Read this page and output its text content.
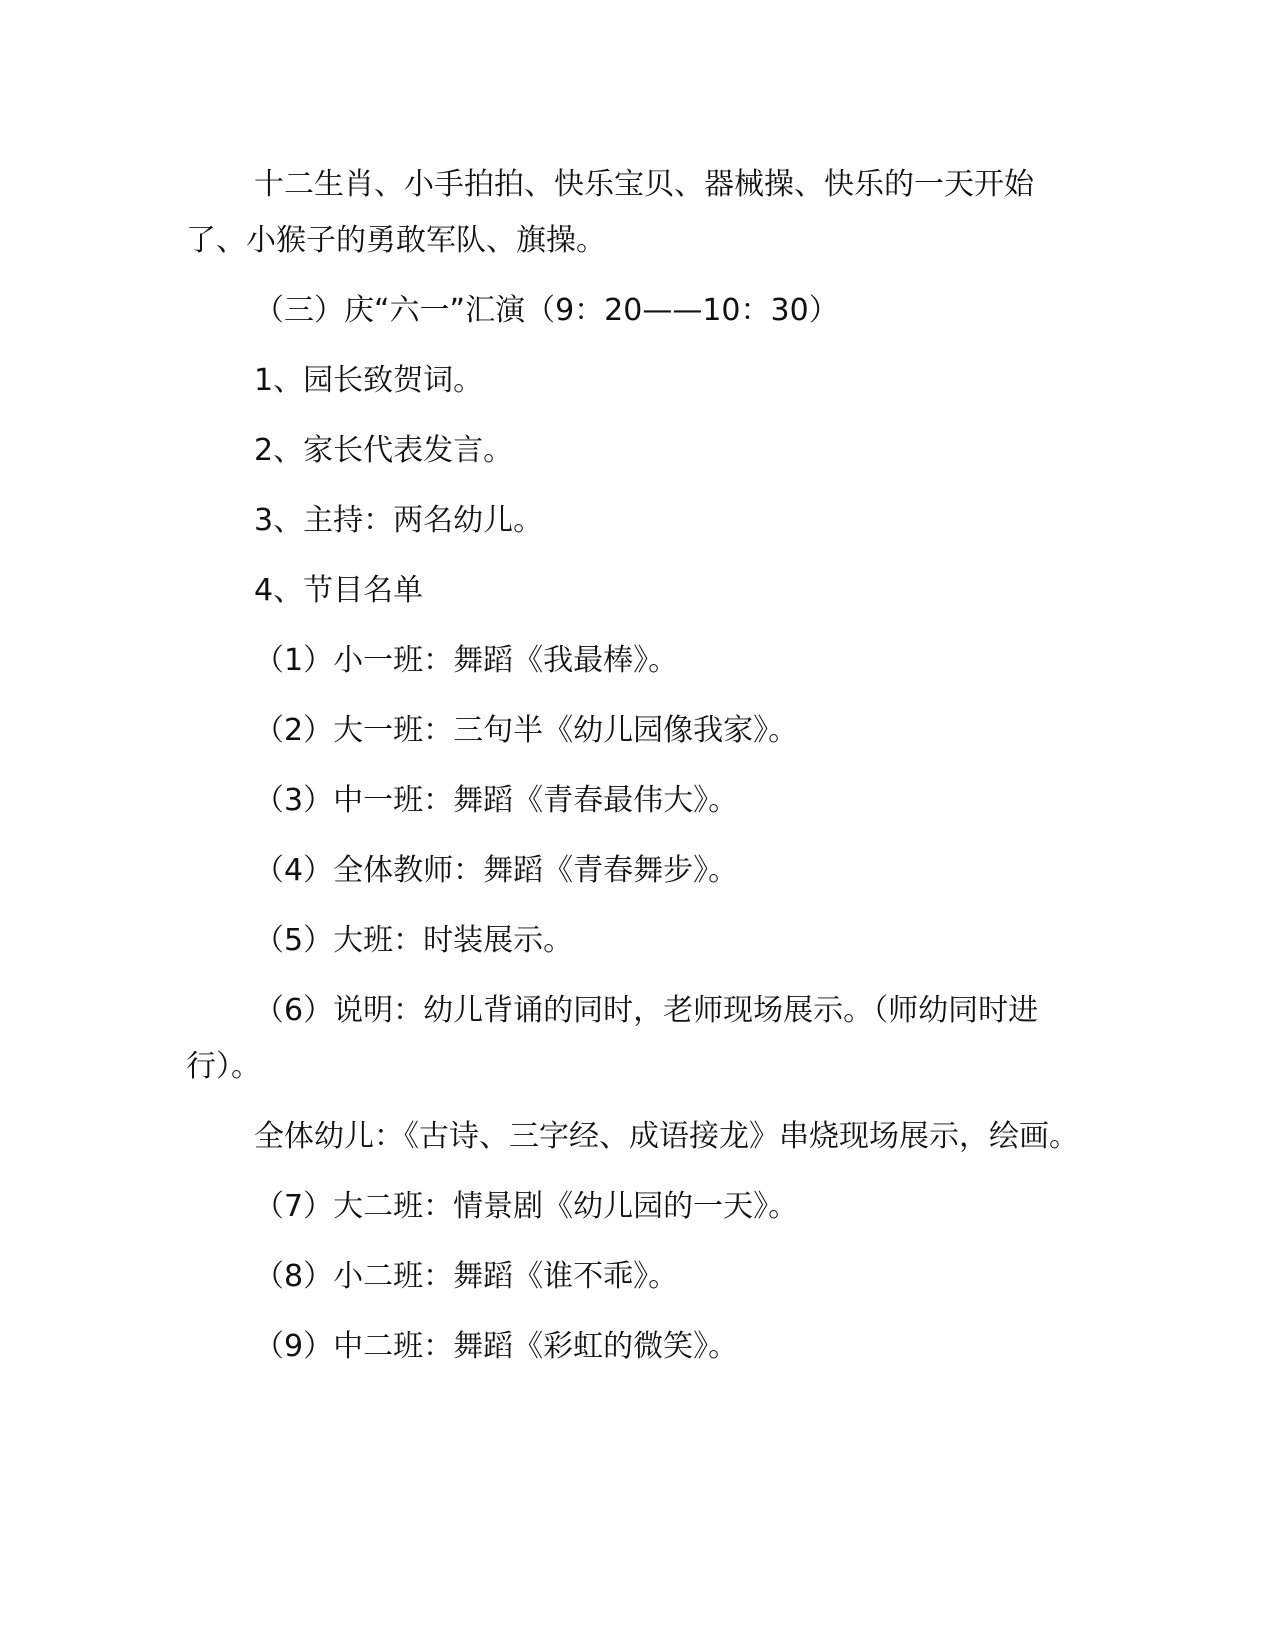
十二生肖、小手拍拍、快乐宝贝、器械操、快乐的一天开始了、小猴子的勇敢军队、旗操。

（三）庆“六一”汇演（9：20——10：30）

1、园长致贺词。

2、家长代表发言。

3、主持：两名幼儿。

4、节目名单

（1）小一班：舞蹈《我最棒》。

（2）大一班：三句半《幼儿园像我家》。

（3）中一班：舞蹈《青春最伟大》。

（4）全体教师：舞蹈《青春舞步》。

（5）大班：时装展示。

（6）说明：幼儿背诵的同时，老师现场展示。（师幼同时进行）。

全体幼儿：《古诗、三字经、成语接龙》串烧现场展示，绘画。

（7）大二班：情景剧《幼儿园的一天》。

（8）小二班：舞蹈《谁不乖》。

（9）中二班：舞蹈《彩虹的微笑》。
